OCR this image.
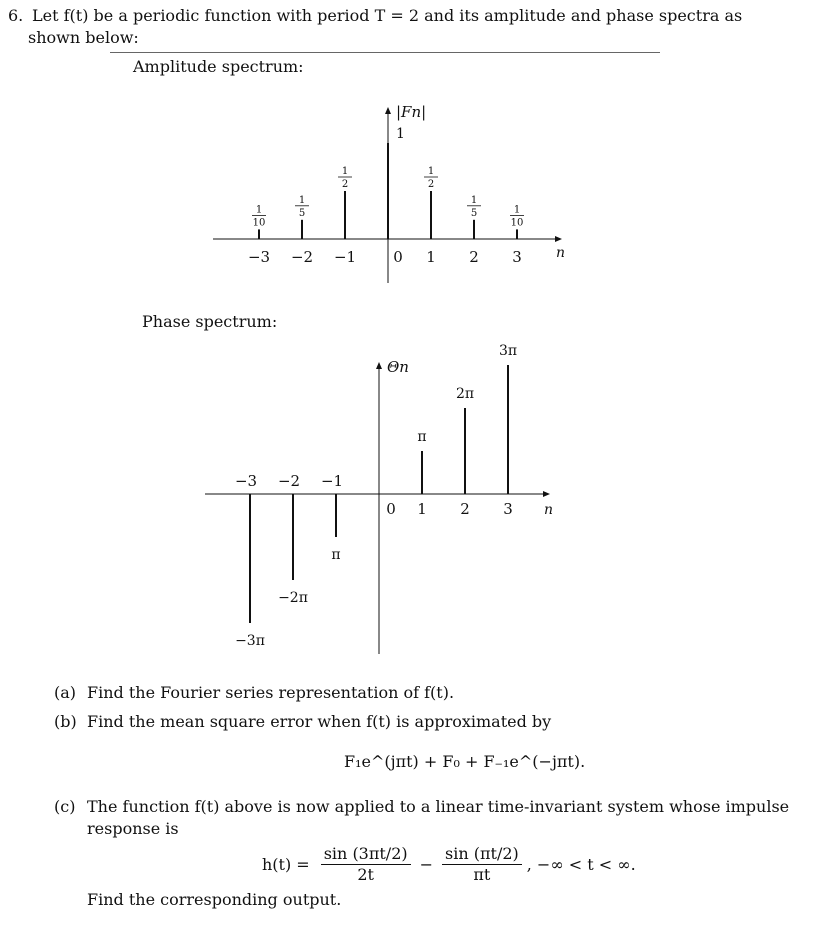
6. Let f(t) be a periodic function with period T = 2 and its amplitude and phase spectra as
shown below:
Amplitude spectrum:
|Fn|
n
1
10
1
5
1
2
1
1
2
1
5	1
10
−3 −2 −1 0 1 2 3
Phase spectrum:
Θn
n
−3π
−2π
π
π
2π
3π
−3 −2 −1
0 1 2 3
(a) Find the Fourier series representation of f(t).
(b) Find the mean square error when f(t) is approximated by
F₁e^(jπt) + F₀ + F₋₁e^(−jπt).
(c) The function f(t) above is now applied to a linear time-invariant system whose impulse
response is
$h(t) = \frac{\sin (3\pi t/2)}{2t} - \frac{\sin (\pi t/2)}{\pi t}$ , −∞ < t < ∞.
Find the corresponding output.
